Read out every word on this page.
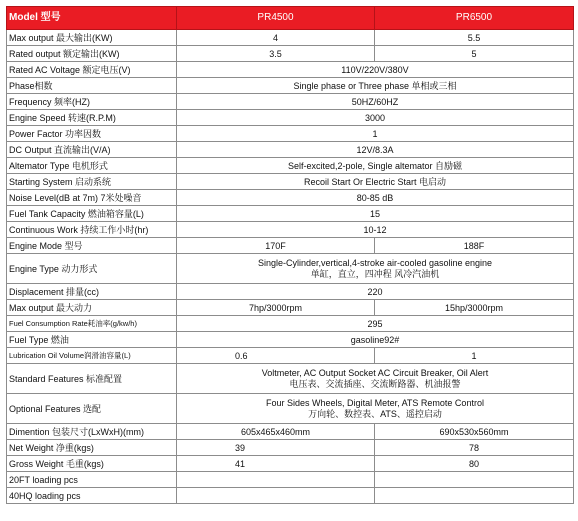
Model 型号	PR4500	PR6500
Max output 最大输出(KW)	4	5.5
Rated output 额定输出(KW)	3.5	5
Rated AC Voltage 额定电压(V)	110V/220V/380V	
Phase相数	Single phase or Three phase 单相或三相	
Frequency 频率(HZ)	50HZ/60HZ	
Engine Speed 转速(R.P.M)	3000	
Power Factor 功率因数	1	
DC Output 直流输出(V/A)	12V/8.3A	
Altemator Type 电机形式	Self-excited,2-pole, Single altemator 自励磁	
Starting System 启动系统	Recoil Start Or Electric Start 电启动	
Noise Level(dB at 7m) 7米处噪音	80-85 dB	
Fuel Tank Capacity 燃油箱容量(L)	15	
Continuous Work 持续工作小时(hr)	10-12	
Engine Mode 型号	170F	188F
Engine Type 动力形式	Single-Cylinder,vertical,4-stroke air-cooled gasoline engine
单缸，直立，四冲程 风冷汽油机	

Displacement 排量(cc)	220	
Max output 最大动力	7hp/3000rpm	15hp/3000rpm
Fuel Consumption Rate耗油率(g/kw/h)	295	
Fuel Type 燃油	gasoline92#	
Lubrication Oil Volume润滑油容量(L)	0.6	1
Standard Features 标准配置	Voltmeter, AC Output Socket AC Circuit Breaker, Oil Alert
电压表、交流插座、交流断路器、机油报警	

Optional Features 选配	Four Sides Wheels, Digital Meter, ATS Remote Control
万向轮、数控表、ATS、遥控启动	

Dimention 包装尺寸(LxWxH)(mm)	605x465x460mm	690x530x560mm
Net Weight 净重(kgs)	39	78
Gross Weight 毛重(kgs)	41	80
20FT loading pcs		
40HQ loading pcs		
